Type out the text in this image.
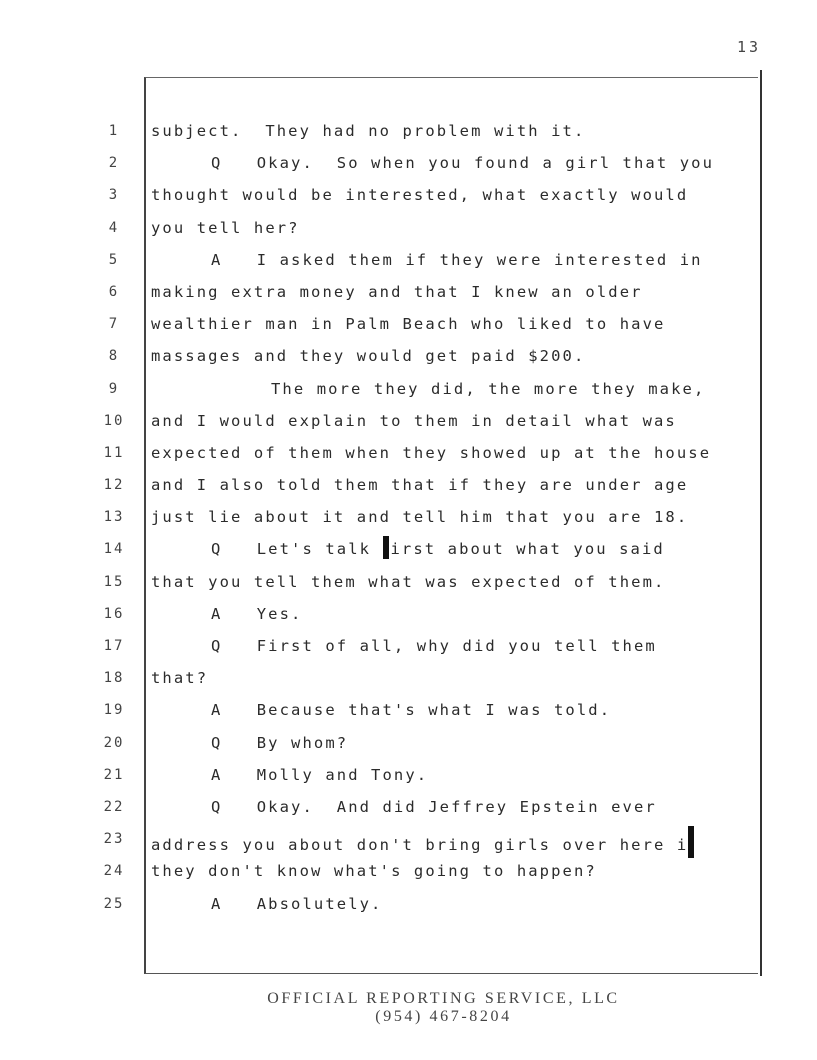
13
1
2
3
4
5
6
7
8
9
10
11
12
13
14
15
16
17
18
19
20
21
22
23
24
25
subject.  They had no problem with it.
Q Okay.  So when you found a girl that you
thought would be interested, what exactly would
you tell her?
A I asked them if they were interested in
making extra money and that I knew an older
wealthier man in Palm Beach who liked to have
massages and they would get paid $200.
The more they did, the more they make,
and I would explain to them in detail what was
expected of them when they showed up at the house
and I also told them that if they are under age
just lie about it and tell him that you are 18.
Q Let's talk irst about what you said
that you tell them what was expected of them.
A Yes.
Q First of all, why did you tell them
that?
A Because that's what I was told.
Q By whom?
A Molly and Tony.
Q Okay.  And did Jeffrey Epstein ever
address you about don't bring girls over here i
they don't know what's going to happen?
A Absolutely.
OFFICIAL REPORTING SERVICE, LLC
(954) 467-8204
